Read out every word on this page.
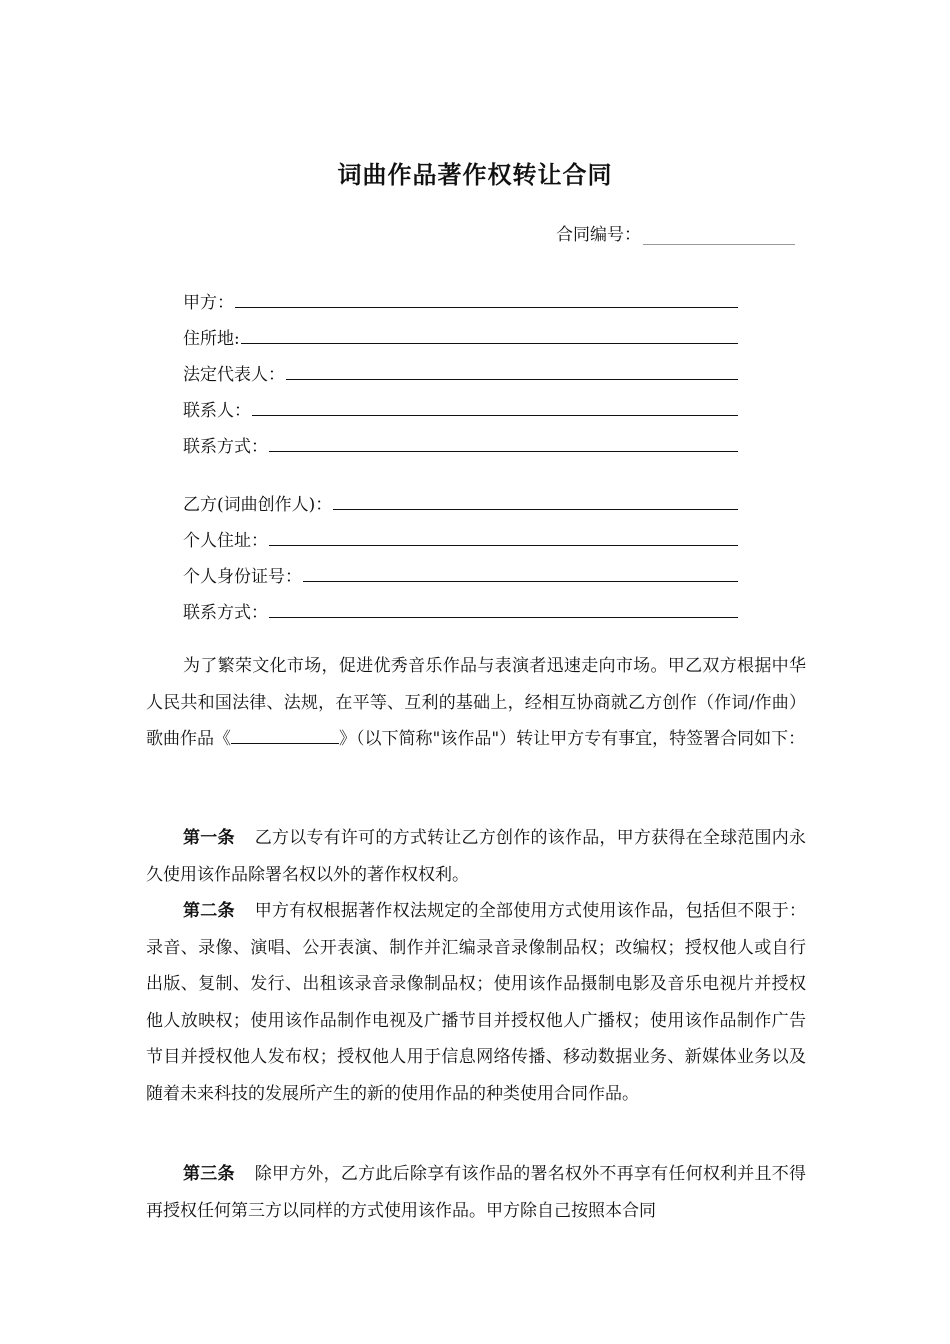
词曲作品著作权转让合同
合同编号：
甲方：
住所地:
法定代表人：
联系人：
联系方式：
乙方(词曲创作人)：
个人住址：
个人身份证号：
联系方式：

为了繁荣文化市场，促进优秀音乐作品与表演者迅速走向市场。甲乙双方根据中华人民共和国法律、法规，在平等、互利的基础上，经相互协商就乙方创作（作词/作曲）歌曲作品《	》（以下简称"该作品"）转让甲方专有事宜，特签署合同如下：

第一条 乙方以专有许可的方式转让乙方创作的该作品，甲方获得在全球范围内永久使用该作品除署名权以外的著作权权利。

第二条 甲方有权根据著作权法规定的全部使用方式使用该作品，包括但不限于：录音、录像、演唱、公开表演、制作并汇编录音录像制品权；改编权；授权他人或自行出版、复制、发行、出租该录音录像制品权；使用该作品摄制电影及音乐电视片并授权他人放映权；使用该作品制作电视及广播节目并授权他人广播权；使用该作品制作广告节目并授权他人发布权；授权他人用于信息网络传播、移动数据业务、新媒体业务以及随着未来科技的发展所产生的新的使用作品的种类使用合同作品。

第三条 除甲方外，乙方此后除享有该作品的署名权外不再享有任何权利并且不得再授权任何第三方以同样的方式使用该作品。甲方除自己按照本合同
